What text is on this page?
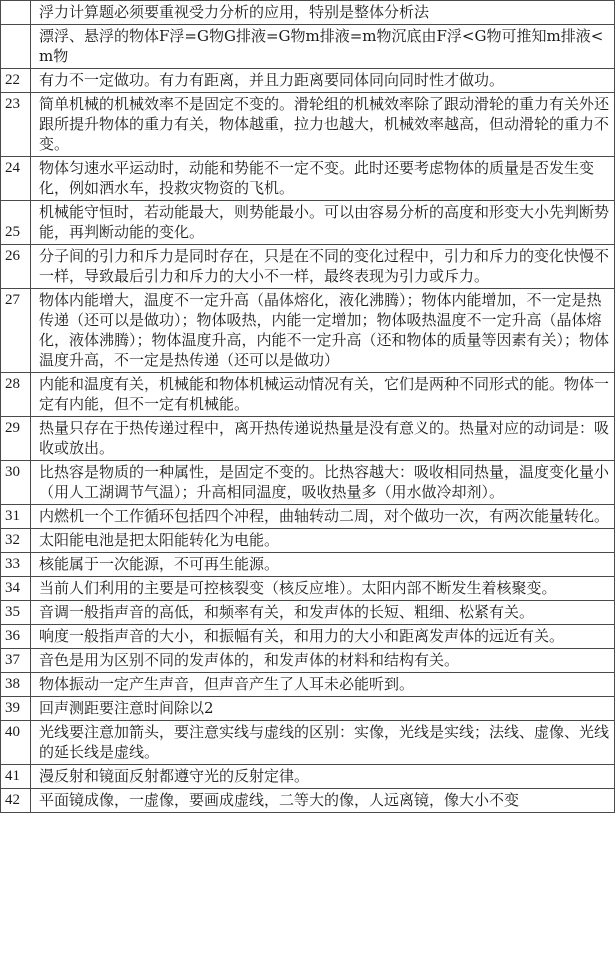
	浮力计算题必须要重视受力分析的应用，特别是整体分析法
	漂浮、悬浮的物体F浮=G物G排液=G物m排液=m物沉底由F浮<G物可推知m排液<m物
22	有力不一定做功。有力有距离，并且力距离要同体同向同时性才做功。
23	简单机械的机械效率不是固定不变的。滑轮组的机械效率除了跟动滑轮的重力有关外还跟所提升物体的重力有关，物体越重，拉力也越大，机械效率越高，但动滑轮的重力不变。
24	物体匀速水平运动时，动能和势能不一定不变。此时还要考虑物体的质量是否发生变化，例如洒水车，投救灾物资的飞机。
25	机械能守恒时，若动能最大，则势能最小。可以由容易分析的高度和形变大小先判断势能，再判断动能的变化。
26	分子间的引力和斥力是同时存在，只是在不同的变化过程中，引力和斥力的变化快慢不一样，导致最后引力和斥力的大小不一样，最终表现为引力或斥力。
27	物体内能增大，温度不一定升高（晶体熔化，液化沸腾）；物体内能增加，不一定是热传递（还可以是做功）；物体吸热，内能一定增加；物体吸热温度不一定升高（晶体熔化，液体沸腾）；物体温度升高，内能不一定升高（还和物体的质量等因素有关）；物体温度升高，不一定是热传递（还可以是做功）
28	内能和温度有关，机械能和物体机械运动情况有关，它们是两种不同形式的能。物体一定有内能，但不一定有机械能。
29	热量只存在于热传递过程中，离开热传递说热量是没有意义的。热量对应的动词是：吸收或放出。
30	比热容是物质的一种属性，是固定不变的。比热容越大：吸收相同热量，温度变化量小（用人工湖调节气温）；升高相同温度，吸收热量多（用水做冷却剂）。
31	内燃机一个工作循环包括四个冲程，曲轴转动二周，对个做功一次，有两次能量转化。
32	太阳能电池是把太阳能转化为电能。
33	核能属于一次能源，不可再生能源。
34	当前人们利用的主要是可控核裂变（核反应堆）。太阳内部不断发生着核聚变。
35	音调一般指声音的高低，和频率有关，和发声体的长短、粗细、松紧有关。
36	响度一般指声音的大小，和振幅有关，和用力的大小和距离发声体的远近有关。
37	音色是用为区别不同的发声体的，和发声体的材料和结构有关。
38	物体振动一定产生声音，但声音产生了人耳未必能听到。
39	回声测距要注意时间除以2
40	光线要注意加箭头，要注意实线与虚线的区别：实像，光线是实线；法线、虚像、光线的延长线是虚线。
41	漫反射和镜面反射都遵守光的反射定律。
42	平面镜成像，一虚像，要画成虚线，二等大的像，人远离镜，像大小不变
